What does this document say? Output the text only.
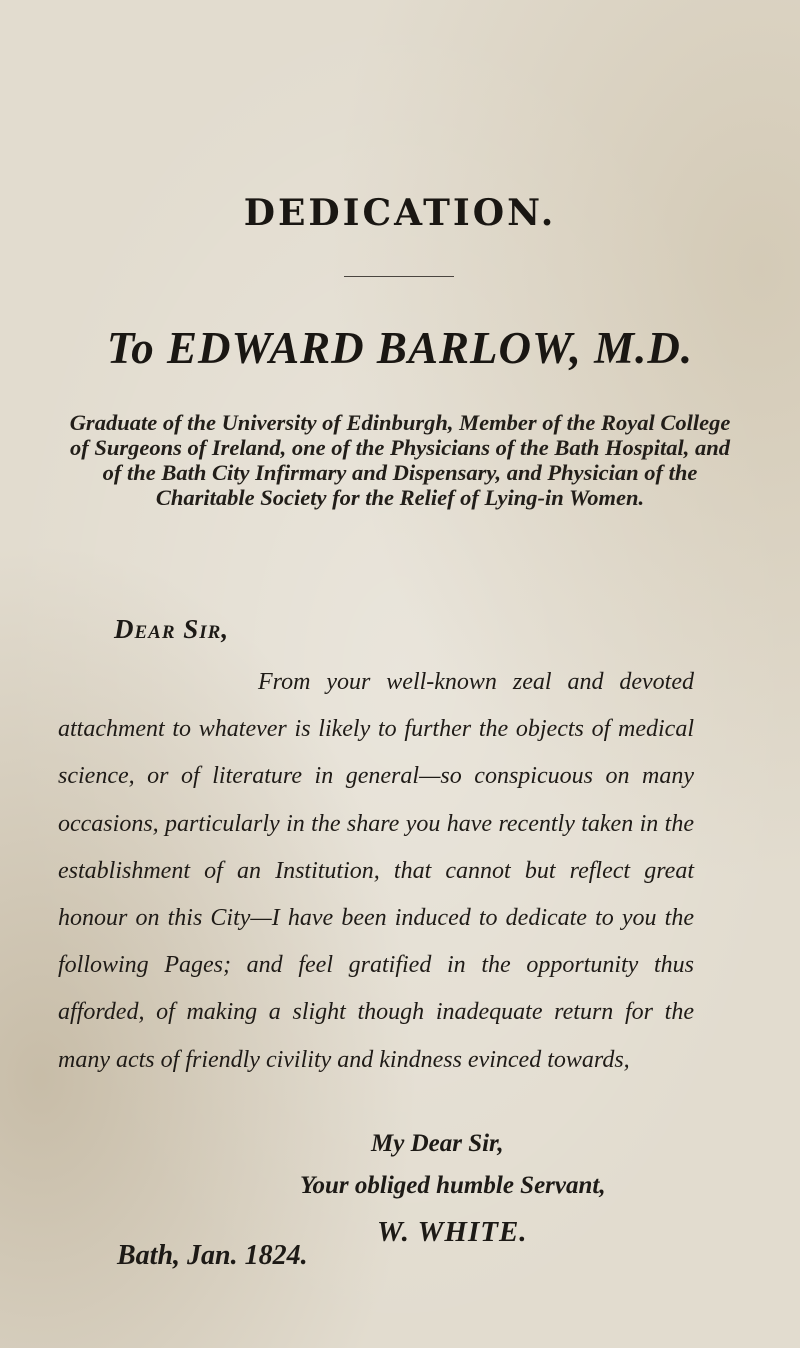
DEDICATION.
To EDWARD BARLOW, M.D.

Graduate of the University of Edinburgh, Member of the Royal College of Surgeons of Ireland, one of the Physicians of the Bath Hospital, and of the Bath City Infirmary and Dispensary, and Physician of the Charitable Society for the Relief of Lying-in Women.

Dear Sir,

From your well-known zeal and devoted attachment to whatever is likely to further the objects of medical science, or of literature in general—so conspicuous on many occasions, particularly in the share you have recently taken in the establishment of an Institution, that cannot but reflect great honour on this City—I have been induced to dedicate to you the following Pages; and feel gratified in the opportunity thus afforded, of making a slight though inadequate return for the many acts of friendly civility and kindness evinced towards,

My Dear Sir,

Your obliged humble Servant,

W. WHITE.

Bath, Jan. 1824.
